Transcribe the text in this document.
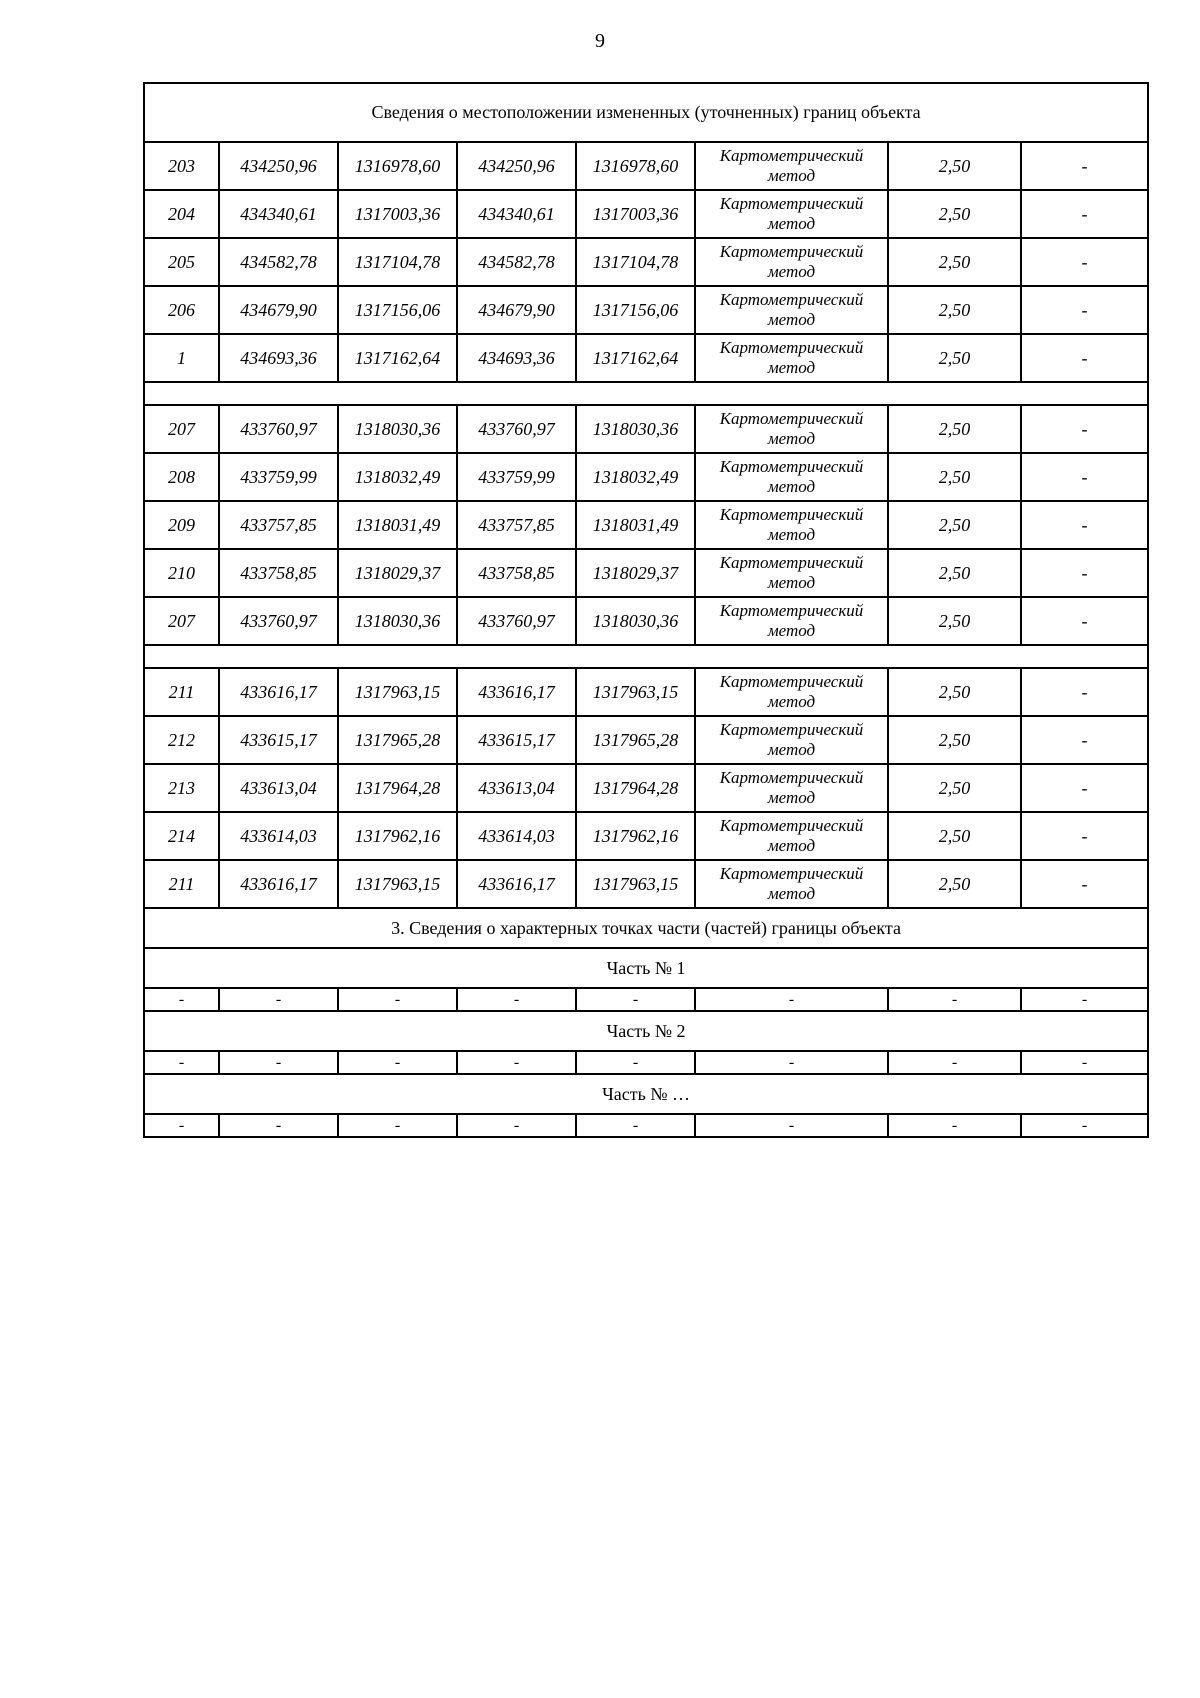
9
Сведения о местоположении измененных (уточненных) границ объекта							
203	434250,96	1316978,60	434250,96	1316978,60	Картометрический метод	2,50	-
204	434340,61	1317003,36	434340,61	1317003,36	Картометрический метод	2,50	-
205	434582,78	1317104,78	434582,78	1317104,78	Картометрический метод	2,50	-
206	434679,90	1317156,06	434679,90	1317156,06	Картометрический метод	2,50	-
1	434693,36	1317162,64	434693,36	1317162,64	Картометрический метод	2,50	-

207	433760,97	1318030,36	433760,97	1318030,36	Картометрический метод	2,50	-
208	433759,99	1318032,49	433759,99	1318032,49	Картометрический метод	2,50	-
209	433757,85	1318031,49	433757,85	1318031,49	Картометрический метод	2,50	-
210	433758,85	1318029,37	433758,85	1318029,37	Картометрический метод	2,50	-
207	433760,97	1318030,36	433760,97	1318030,36	Картометрический метод	2,50	-

211	433616,17	1317963,15	433616,17	1317963,15	Картометрический метод	2,50	-
212	433615,17	1317965,28	433615,17	1317965,28	Картометрический метод	2,50	-
213	433613,04	1317964,28	433613,04	1317964,28	Картометрический метод	2,50	-
214	433614,03	1317962,16	433614,03	1317962,16	Картометрический метод	2,50	-
211	433616,17	1317963,15	433616,17	1317963,15	Картометрический метод	2,50	-
3. Сведения о характерных точках части (частей) границы объекта							
Часть № 1							
-	-	-	-	-	-	-	-
Часть № 2							
-	-	-	-	-	-	-	-
Часть № …							
-	-	-	-	-	-	-	-
